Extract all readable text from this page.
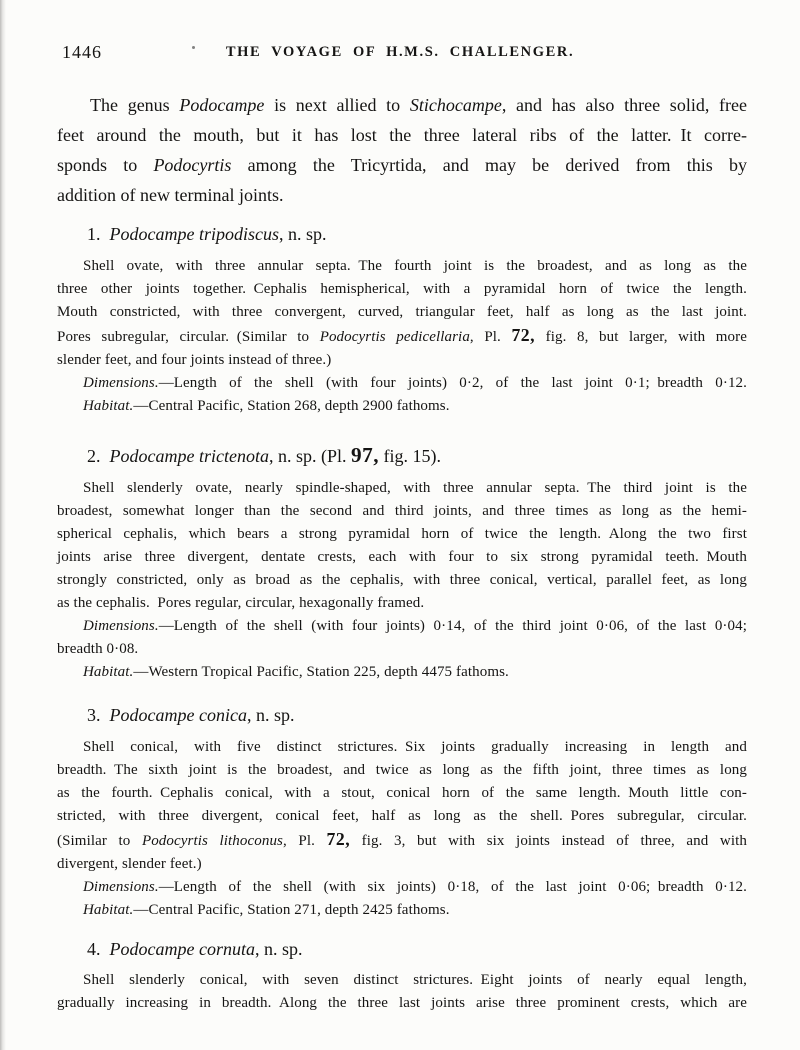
1446	THE VOYAGE OF H.M.S. CHALLENGER.
The genus Podocampe is next allied to Stichocampe, and has also three solid, free
feet around the mouth, but it has lost the three lateral ribs of the latter. It corre-
sponds to Podocyrtis among the Tricyrtida, and may be derived from this by
addition of new terminal joints.
1. Podocampe tripodiscus, n. sp.
Shell ovate, with three annular septa. The fourth joint is the broadest, and as long as the
three other joints together. Cephalis hemispherical, with a pyramidal horn of twice the length.
Mouth constricted, with three convergent, curved, triangular feet, half as long as the last joint.
Pores subregular, circular. (Similar to Podocyrtis pedicellaria, Pl. 72, fig. 8, but larger, with more
slender feet, and four joints instead of three.)
Dimensions.—Length of the shell (with four joints) 0·2, of the last joint 0·1; breadth 0·12.
Habitat.—Central Pacific, Station 268, depth 2900 fathoms.
2. Podocampe trictenota, n. sp. (Pl. 97, fig. 15).
Shell slenderly ovate, nearly spindle-shaped, with three annular septa. The third joint is the
broadest, somewhat longer than the second and third joints, and three times as long as the hemi-
spherical cephalis, which bears a strong pyramidal horn of twice the length. Along the two first
joints arise three divergent, dentate crests, each with four to six strong pyramidal teeth. Mouth
strongly constricted, only as broad as the cephalis, with three conical, vertical, parallel feet, as long
as the cephalis. Pores regular, circular, hexagonally framed.
Dimensions.—Length of the shell (with four joints) 0·14, of the third joint 0·06, of the last 0·04;
breadth 0·08.
Habitat.—Western Tropical Pacific, Station 225, depth 4475 fathoms.
3. Podocampe conica, n. sp.
Shell conical, with five distinct strictures. Six joints gradually increasing in length and
breadth. The sixth joint is the broadest, and twice as long as the fifth joint, three times as long
as the fourth. Cephalis conical, with a stout, conical horn of the same length. Mouth little con-
stricted, with three divergent, conical feet, half as long as the shell. Pores subregular, circular.
(Similar to Podocyrtis lithoconus, Pl. 72, fig. 3, but with six joints instead of three, and with
divergent, slender feet.)
Dimensions.—Length of the shell (with six joints) 0·18, of the last joint 0·06; breadth 0·12.
Habitat.—Central Pacific, Station 271, depth 2425 fathoms.
4. Podocampe cornuta, n. sp.
Shell slenderly conical, with seven distinct strictures. Eight joints of nearly equal length,
gradually increasing in breadth. Along the three last joints arise three prominent crests, which are
